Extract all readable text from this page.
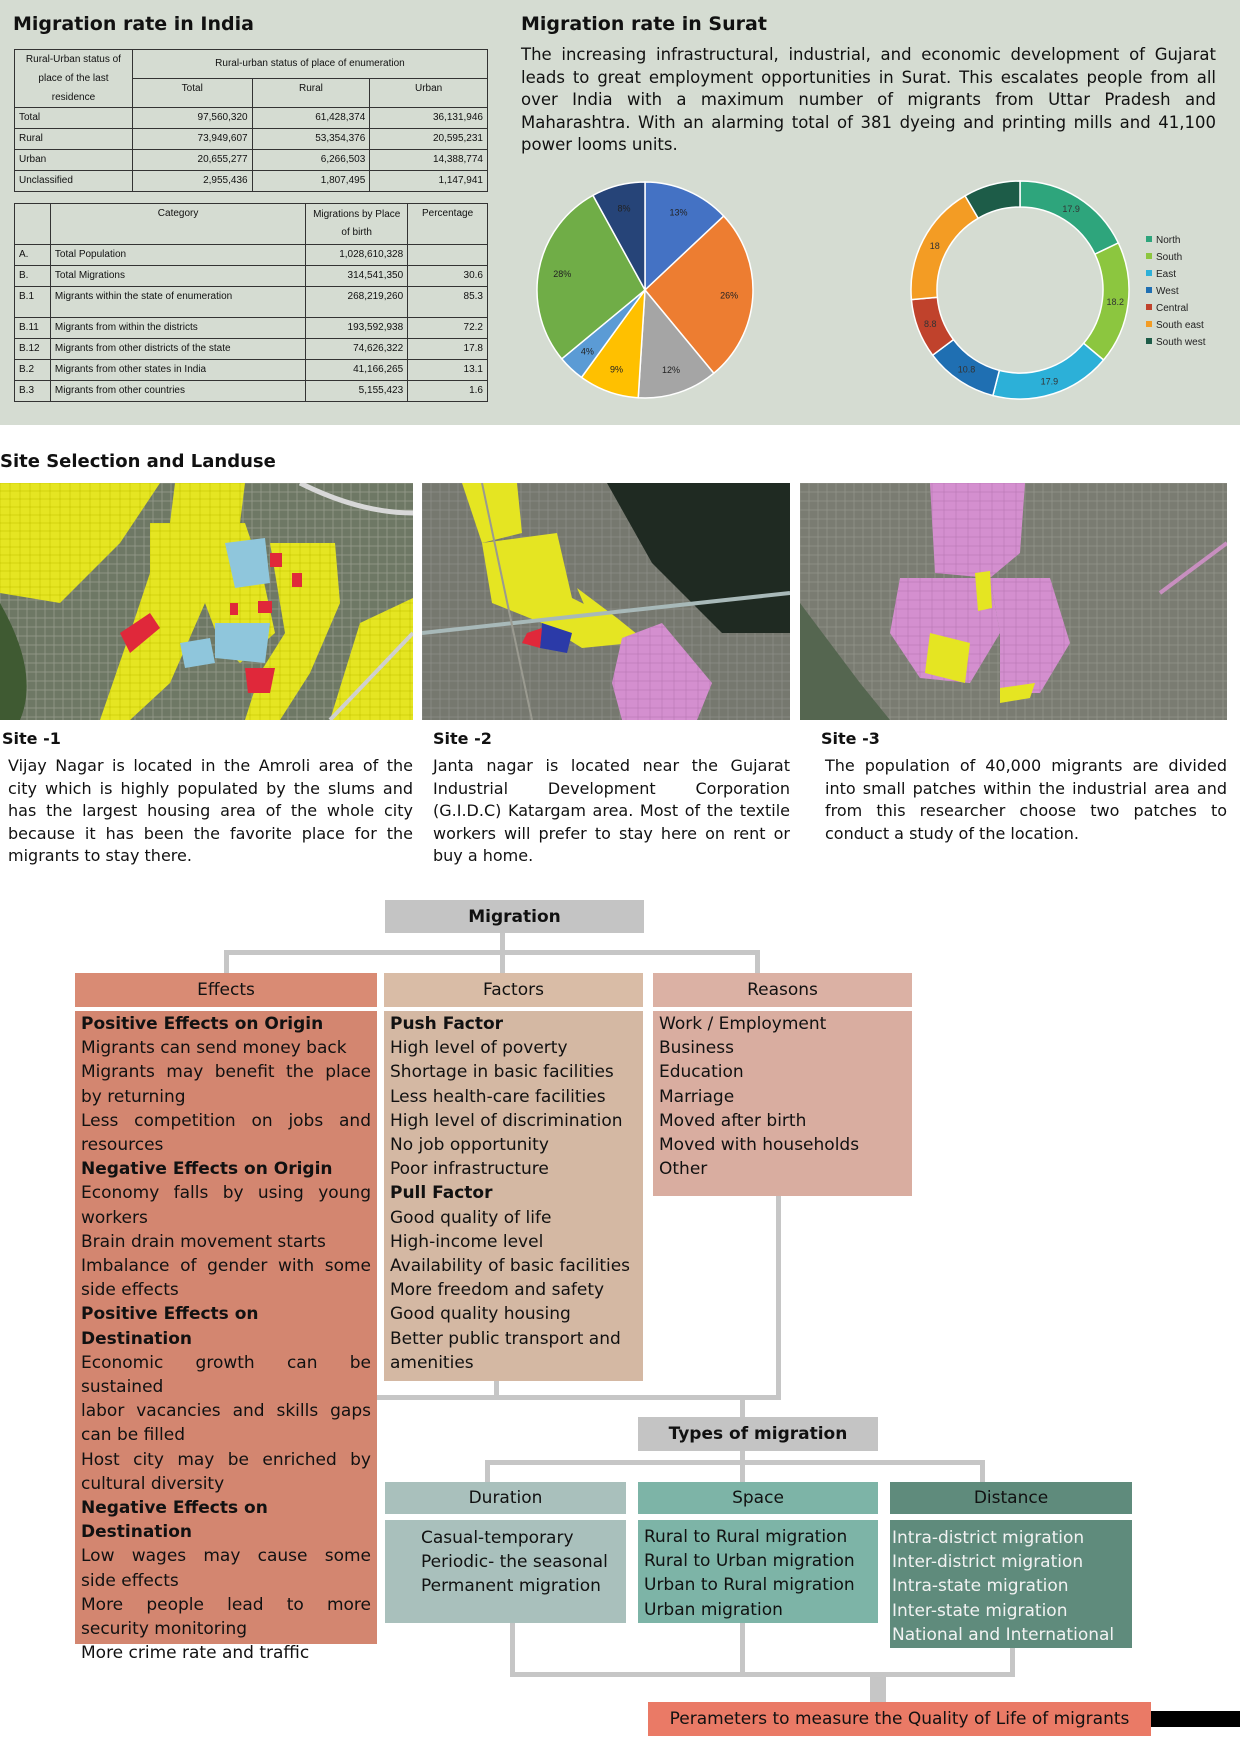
Migration rate in India
Rural-Urban status of
place of the last
residence	Rural-urban status of place of enumeration		
	Total	Rural	Urban
Total	97,560,320	61,428,374	36,131,946
Rural	73,949,607	53,354,376	20,595,231
Urban	20,655,277	6,266,503	14,388,774
Unclassified	2,955,436	1,807,495	1,147,941
	Category	Migrations by Place
of birth	Percentage
A.	Total Population	1,028,610,328	
B.	Total Migrations	314,541,350	30.6
B.1	Migrants within the state of enumeration	268,219,260	85.3
B.11	Migrants from within the districts	193,592,938	72.2
B.12	Migrants from other districts of the state	74,626,322	17.8
B.2	Migrants from other states in India	41,166,265	13.1
B.3	Migrants from other countries	5,155,423	1.6
Migration rate in Surat
The increasing infrastructural, industrial, and economic development of Gujarat leads to great employment opportunities in Surat. This escalates people from all over India with a maximum number of migrants from Uttar Pradesh and Maharashtra. With an alarming total of 381 dyeing and printing mills and 41,100 power looms units.
13%
26%
12%
9%
4%
28%
8%	17.9
18.2
17.9
10.8
8.8
18	North
South
East
West
Central
South east
South west
Site Selection and Landuse
Site -1	Site -2	Site -3
Vijay Nagar is located in the Amroli area of the city which is highly populated by the slums and has the largest housing area of the whole city because it has been the favorite place for the migrants to stay there.
Janta nagar is located near the Gujarat Industrial Development Corporation (G.I.D.C) Katargam area. Most of the textile workers will prefer to stay here on rent or buy a home.
The population of 40,000 migrants are divided into small patches within the industrial area and from this researcher choose two patches to conduct a study of the location.
Migration
Effects
Positive Effects on Origin
Migrants can send money back
Migrants may benefit the place
by returning
Less competition on jobs and
resources
Negative Effects on Origin
Economy falls by using young
workers
Brain drain movement starts
Imbalance of gender with some
side effects
Positive Effects on Destination
Economic growth can be
sustained
labor vacancies and skills gaps
can be filled
Host city may be enriched by
cultural diversity
Negative Effects on Destination
Low wages may cause some
side effects
More people lead to more
security monitoring
More crime rate and traffic
Factors
Push Factor
High level of poverty
Shortage in basic facilities
Less health-care facilities
High level of discrimination
No job opportunity
Poor infrastructure
Pull Factor
Good quality of life
High-income level
Availability of basic facilities
More freedom and safety
Good quality housing
Better public transport and
amenities
Reasons
Work / Employment
Business
Education
Marriage
Moved after birth
Moved with households
Other
Types of migration
Duration
Casual-temporary
Periodic- the seasonal
Permanent migration
Space
Rural to Rural migration
Rural to Urban migration
Urban to Rural migration
Urban migration
Distance
Intra-district migration
Inter-district migration
Intra-state migration
Inter-state migration
National and International
Perameters to measure the Quality of Life of migrants
